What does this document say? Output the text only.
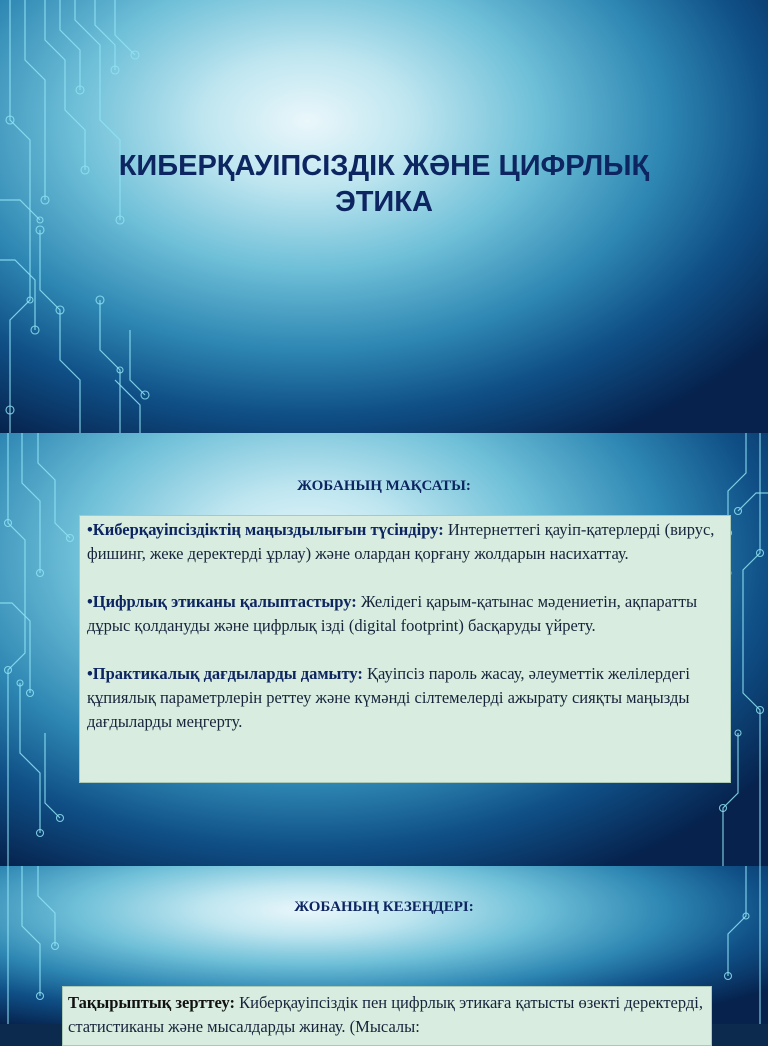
КИБЕРҚАУІПСІЗДІК ЖӘНЕ ЦИФРЛЫҚ ЭТИКА
ЖОБАНЫҢ МАҚСАТЫ:
•Киберқауіпсіздіктің маңыздылығын түсіндіру: Интернеттегі қауіп-қатерлерді (вирус, фишинг, жеке деректерді ұрлау) және олардан қорғану жолдарын насихаттау.
•Цифрлық этиканы қалыптастыру: Желідегі қарым-қатынас мәдениетін, ақпаратты дұрыс қолдануды және цифрлық ізді (digital footprint) басқаруды үйрету.
•Практикалық дағдыларды дамыту: Қауіпсіз пароль жасау, әлеуметтік желілердегі құпиялық параметрлерін реттеу және күмәнді сілтемелерді ажырату сияқты маңызды дағдыларды меңгерту.
ЖОБАНЫҢ КЕЗЕҢДЕРІ:
Тақырыптық зерттеу: Киберқауіпсіздік пен цифрлық этикаға қатысты өзекті деректерді, статистиканы және мысалдарды жинау. (Мысалы:
